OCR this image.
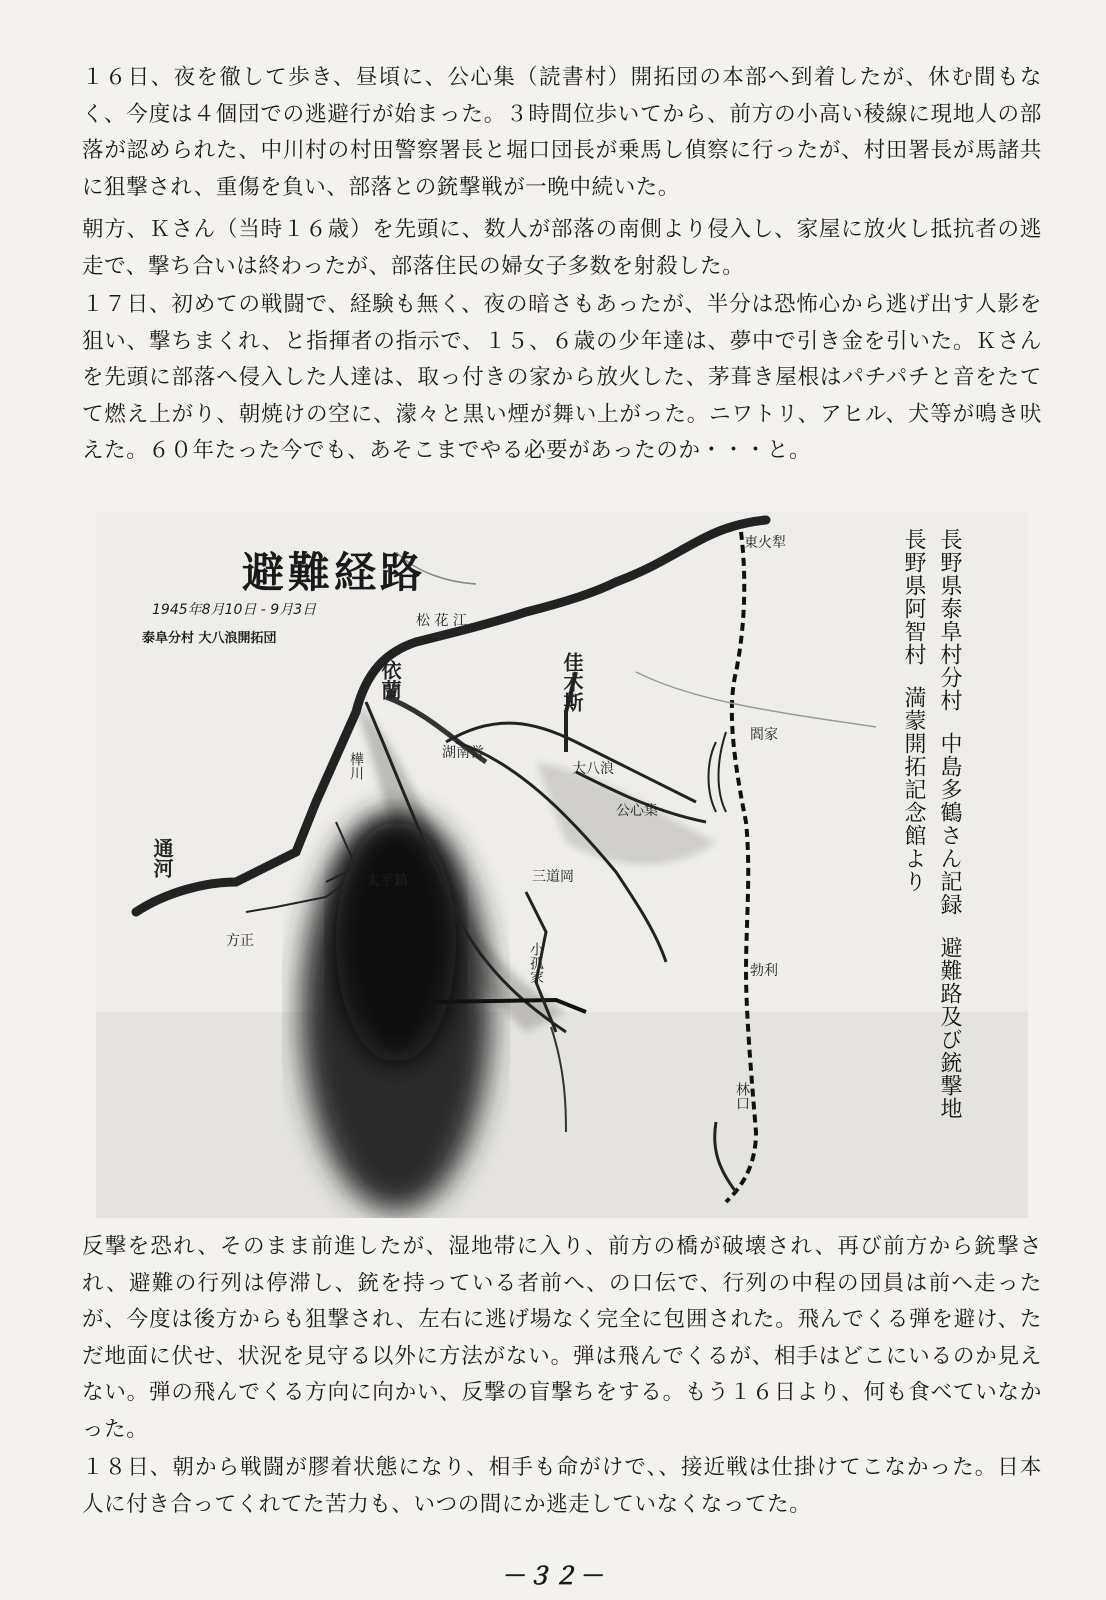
１６日、夜を徹して歩き、昼頃に、公心集（読書村）開拓団の本部へ到着したが、休む間もなく、今度は４個団での逃避行が始まった。３時間位歩いてから、前方の小高い稜線に現地人の部落が認められた、中川村の村田警察署長と堀口団長が乗馬し偵察に行ったが、村田署長が馬諸共に狙撃され、重傷を負い、部落との銃撃戦が一晩中続いた。

朝方、Ｋさん（当時１６歳）を先頭に、数人が部落の南側より侵入し、家屋に放火し抵抗者の逃走で、撃ち合いは終わったが、部落住民の婦女子多数を射殺した。

１７日、初めての戦闘で、経験も無く、夜の暗さもあったが、半分は恐怖心から逃げ出す人影を狙い、撃ちまくれ、と指揮者の指示で、１５、６歳の少年達は、夢中で引き金を引いた。Ｋさんを先頭に部落へ侵入した人達は、取っ付きの家から放火した、茅葺き屋根はパチパチと音をたてて燃え上がり、朝焼けの空に、濛々と黒い煙が舞い上がった。ニワトリ、アヒル、犬等が鳴き吠えた。６０年たった今でも、あそこまでやる必要があったのか・・・と。

避難経路
1945年8月10日 - 9月3日
泰阜分村 大八浪開拓団
松 花 江
依蘭	佳木斯
樺川
太平鎮
大八浪
公心集
湖南営
閻家
勃利
林口
小孤家
通河
東火犁
三道岡
方正
長野県泰阜村分村中島多鶴さん記録避難路及び銃撃地
長野県阿智村満蒙開拓記念館より

反撃を恐れ、そのまま前進したが、湿地帯に入り、前方の橋が破壊され、再び前方から銃撃され、避難の行列は停滞し、銃を持っている者前へ、の口伝で、行列の中程の団員は前へ走ったが、今度は後方からも狙撃され、左右に逃げ場なく完全に包囲された。飛んでくる弾を避け、ただ地面に伏せ、状況を見守る以外に方法がない。弾は飛んでくるが、相手はどこにいるのか見えない。弾の飛んでくる方向に向かい、反撃の盲撃ちをする。もう１６日より、何も食べていなかった。

１８日、朝から戦闘が膠着状態になり、相手も命がけで、、接近戦は仕掛けてこなかった。日本人に付き合ってくれてた苦力も、いつの間にか逃走していなくなってた。

－３２－
